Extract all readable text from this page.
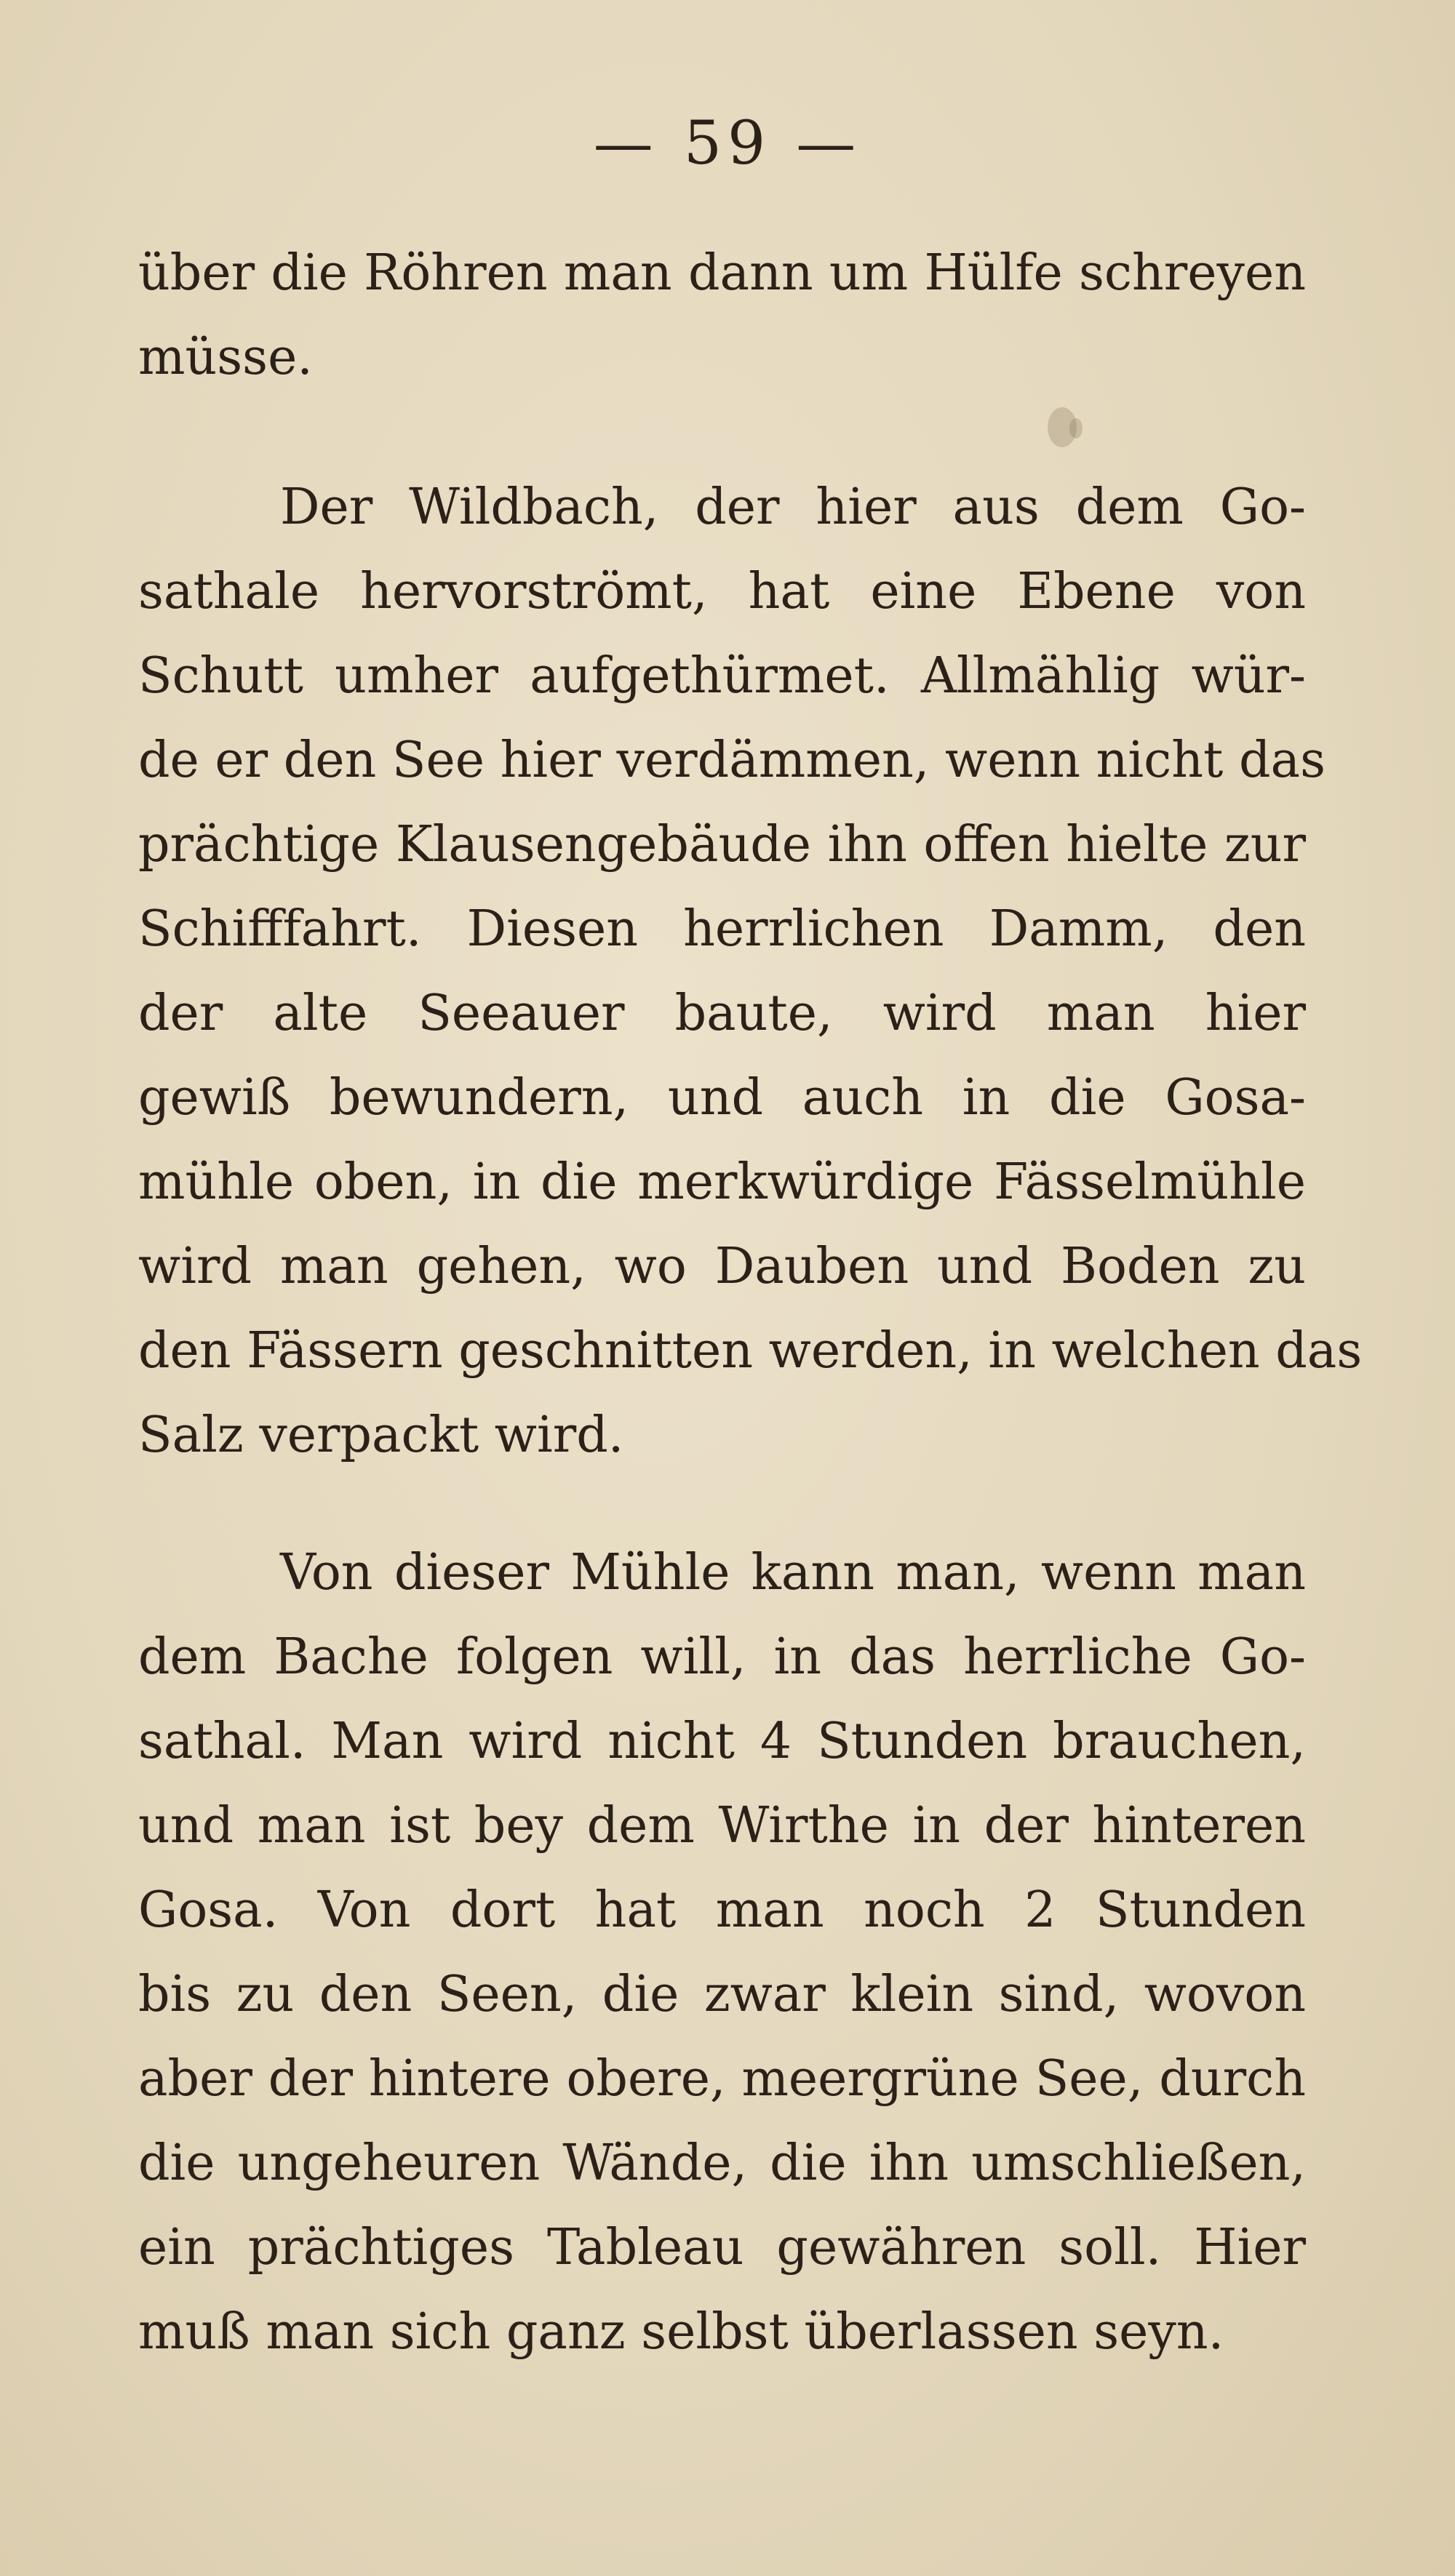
— 59 —
über die Röhren man dann um Hülfe schreyen
müsse.
Der Wildbach, der hier aus dem Go-
sathale hervorströmt, hat eine Ebene von
Schutt umher aufgethürmet. Allmählig wür-
de er den See hier verdämmen, wenn nicht das
prächtige Klausengebäude ihn offen hielte zur
Schifffahrt. Diesen herrlichen Damm, den
der alte Seeauer baute, wird man hier
gewiß bewundern, und auch in die Gosa-
mühle oben, in die merkwürdige Fässelmühle
wird man gehen, wo Dauben und Boden zu
den Fässern geschnitten werden, in welchen das
Salz verpackt wird.
Von dieser Mühle kann man, wenn man
dem Bache folgen will, in das herrliche Go-
sathal. Man wird nicht 4 Stunden brauchen,
und man ist bey dem Wirthe in der hinteren
Gosa. Von dort hat man noch 2 Stunden
bis zu den Seen, die zwar klein sind, wovon
aber der hintere obere, meergrüne See, durch
die ungeheuren Wände, die ihn umschließen,
ein prächtiges Tableau gewähren soll. Hier
muß man sich ganz selbst überlassen seyn.
